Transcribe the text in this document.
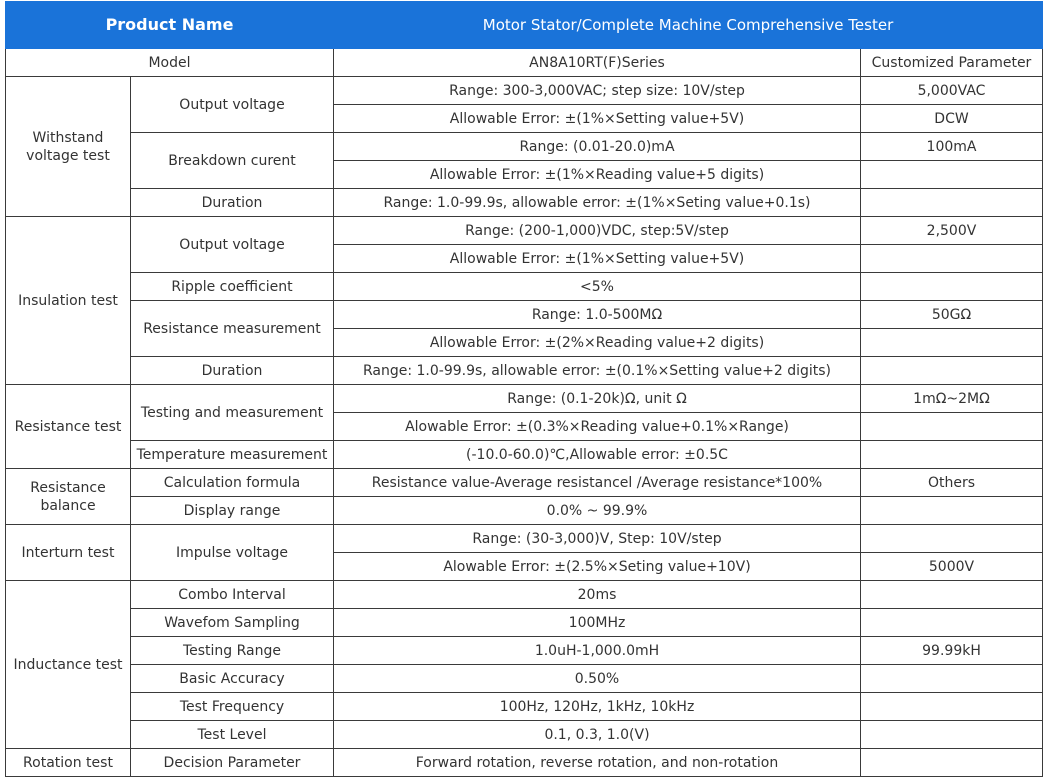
Product Name		Motor Stator/Complete Machine Comprehensive Tester	
Model		AN8A10RT(F)Series	Customized Parameter
Withstand voltage test	Output voltage	Range: 300-3,000VAC; step size: 10V/step	5,000VAC
		Allowable Error: ±(1%×Setting value+5V)	DCW
	Breakdown curent	Range: (0.01-20.0)mA	100mA
		Allowable Error: ±(1%×Reading value+5 digits)	
	Duration	Range: 1.0-99.9s, allowable error: ±(1%×Seting value+0.1s)	
Insulation test	Output voltage	Range: (200-1,000)VDC, step:5V/step	2,500V
		Allowable Error: ±(1%×Setting value+5V)	
	Ripple coefficient	<5%	
	Resistance measurement	Range: 1.0-500MΩ	50GΩ
		Allowable Error: ±(2%×Reading value+2 digits)	
	Duration	Range: 1.0-99.9s, allowable error: ±(0.1%×Setting value+2 digits)	
Resistance test	Testing and measurement	Range: (0.1-20k)Ω, unit Ω	1mΩ~2MΩ
		Alowable Error: ±(0.3%×Reading value+0.1%×Range)	
	Temperature measurement	(-10.0-60.0)℃,Allowable error: ±0.5C	
Resistance balance	Calculation formula	Resistance value-Average resistancel /Average resistance*100%	Others
	Display range	0.0% ~ 99.9%	
Interturn test	Impulse voltage	Range: (30-3,000)V, Step: 10V/step	
		Alowable Error: ±(2.5%×Seting value+10V)	5000V
Inductance test	Combo Interval	20ms	
	Wavefom Sampling	100MHz	
	Testing Range	1.0uH-1,000.0mH	99.99kH
	Basic Accuracy	0.50%	
	Test Frequency	100Hz, 120Hz, 1kHz, 10kHz	
	Test Level	0.1, 0.3, 1.0(V)	
Rotation test	Decision Parameter	Forward rotation, reverse rotation, and non-rotation	
